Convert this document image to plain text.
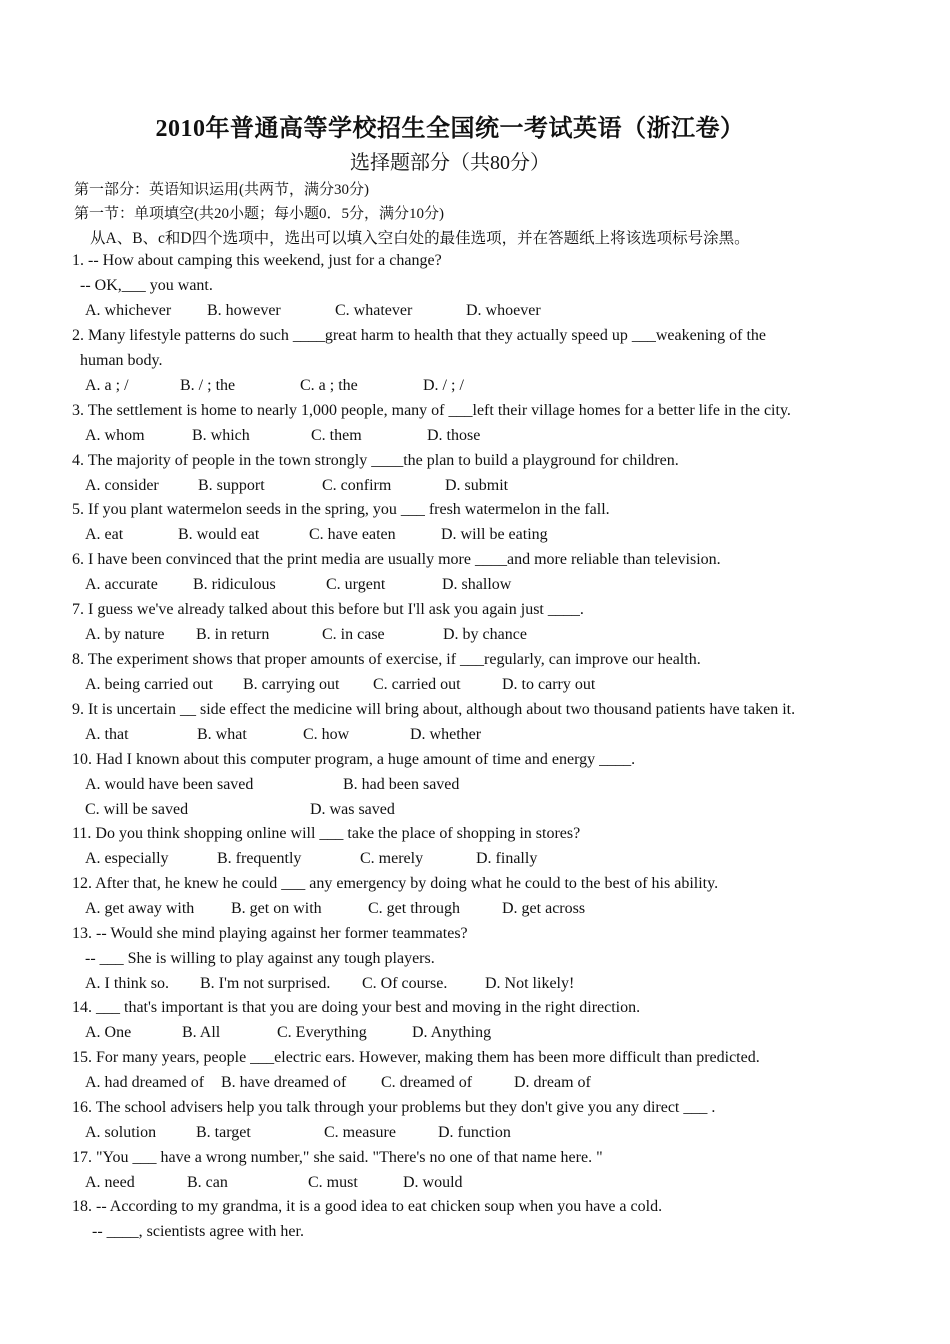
2010年普通高等学校招生全国统一考试英语（浙江卷）
选择题部分（共80分）
第一部分：英语知识运用(共两节，满分30分)
第一节：单项填空(共20小题；每小题0．5分，满分10分)
从A、B、c和D四个选项中，选出可以填入空白处的最佳选项，并在答题纸上将该选项标号涂黑。
1. -- How about camping this weekend, just for a change?
-- OK,___ you want.
A. whichever B. however	C. whatever	D. whoever
2. Many lifestyle patterns do such ____great harm to health that they actually speed up ___weakening of the
human body.
A. a ; /	B. / ; the	C. a ; the	D. / ; /
3. The settlement is home to nearly 1,000 people, many of ___left their village homes for a better life in the city.
A. whom	B. which	C. them	D. those
4. The majority of people in the town strongly ____the plan to build a playground for children.
A. consider B. support	C. confirm	D. submit
5. If you plant watermelon seeds in the spring, you ___ fresh watermelon in the fall.
A. eat	B. would eat	C. have eaten	D. will be eating
6. I have been convinced that the print media are usually more ____and more reliable than television.
A. accurate B. ridiculous	C. urgent	D. shallow
7. I guess we've already talked about this before but I'll ask you again just ____.
A. by nature B. in return	C. in case	D. by chance
8. The experiment shows that proper amounts of exercise, if ___regularly, can improve our health.
A. being carried out B. carrying out C. carried out	D. to carry out
9. It is uncertain __ side effect the medicine will bring about, although about two thousand patients have taken it.
A. that	B. what	C. how	D. whether
10. Had I known about this computer program, a huge amount of time and energy ____.
A. would have been saved	B. had been saved
C. will be saved	D. was saved
11. Do you think shopping online will ___ take the place of shopping in stores?
A. especially	B. frequently	C. merely	D. finally
12. After that, he knew he could ___ any emergency by doing what he could to the best of his ability.
A. get away with B. get on with	C. get through	D. get across
13. -- Would she mind playing against her former teammates?
-- ___ She is willing to play against any tough players.
A. I think so. B. I'm not surprised. C. Of course. D. Not likely!
14. ___ that's important is that you are doing your best and moving in the right direction.
A. One	B. All	C. Everything	D. Anything
15. For many years, people ___electric ears. However, making them has been more difficult than predicted.
A. had dreamed of B. have dreamed of C. dreamed of	D. dream of
16. The school advisers help you talk through your problems but they don't give you any direct ___ .
A. solution B. target	C. measure	D. function
17. "You ___ have a wrong number," she said. "There's no one of that name here. "
A. need	B. can	C. must	D. would
18. -- According to my grandma, it is a good idea to eat chicken soup when you have a cold.
-- ____, scientists agree with her.
